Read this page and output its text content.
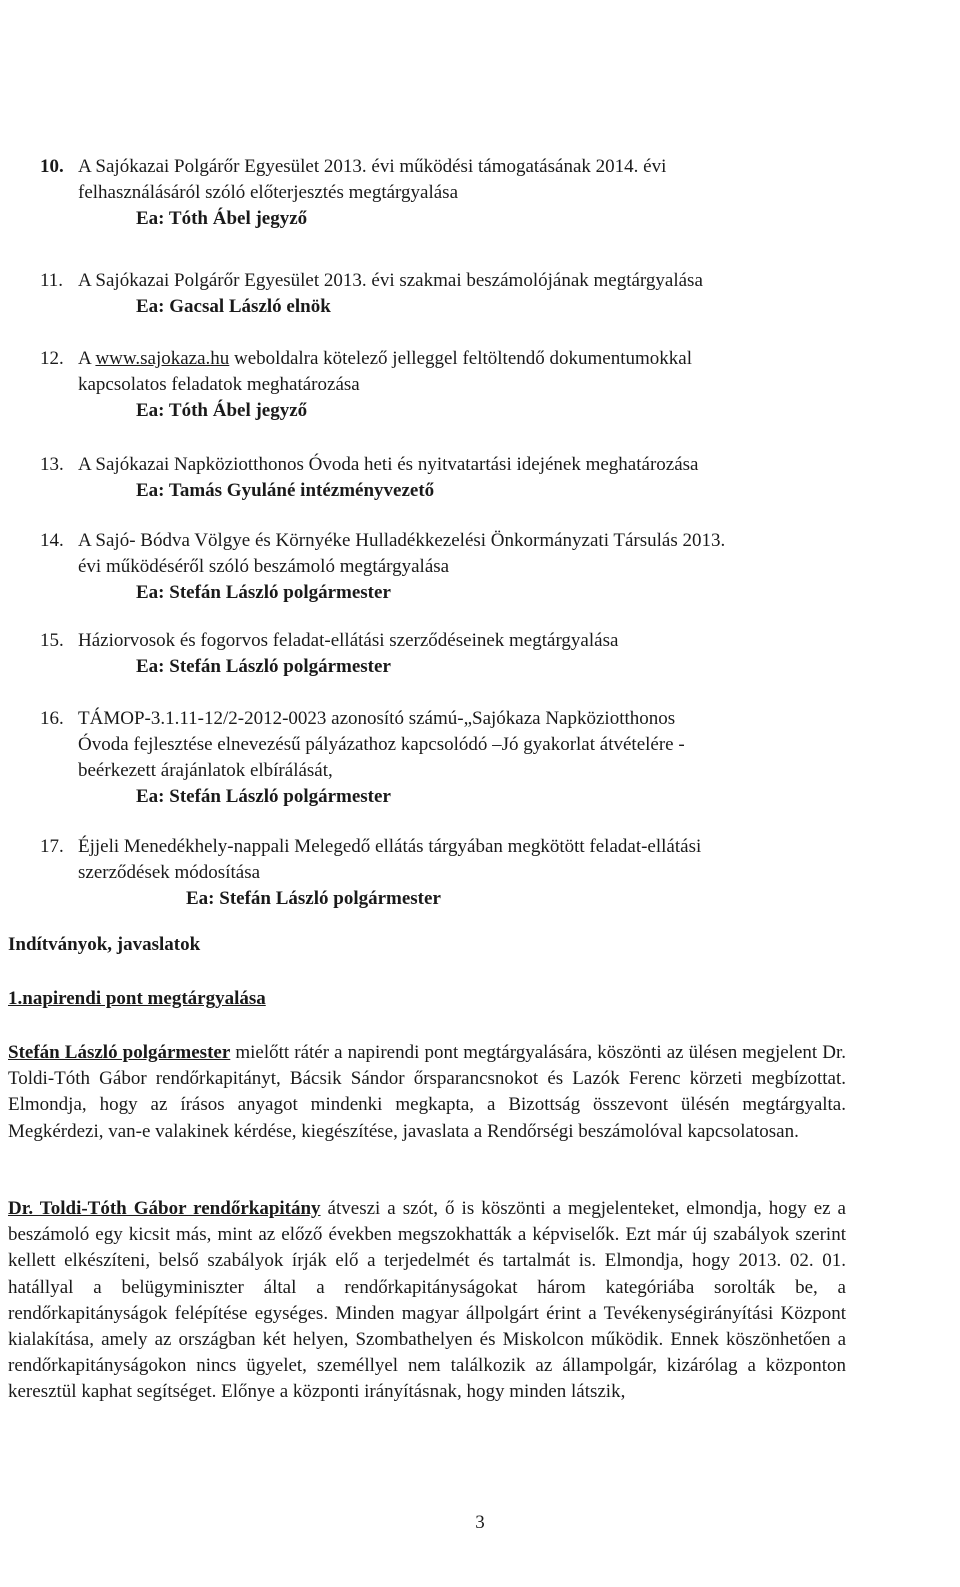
10. A Sajókazai Polgárőr Egyesület 2013. évi működési támogatásának 2014. évi
felhasználásáról szóló előterjesztés megtárgyalása
Ea: Tóth Ábel jegyző
11. A Sajókazai Polgárőr Egyesület 2013. évi szakmai beszámolójának megtárgyalása
Ea: Gacsal László elnök
12. A www.sajokaza.hu weboldalra kötelező jelleggel feltöltendő dokumentumokkal
kapcsolatos feladatok meghatározása
Ea: Tóth Ábel jegyző
13. A Sajókazai Napköziotthonos Óvoda heti és nyitvatartási idejének meghatározása
Ea: Tamás Gyuláné intézményvezető
14. A Sajó- Bódva Völgye és Környéke Hulladékkezelési Önkormányzati Társulás 2013.
évi működéséről szóló beszámoló megtárgyalása
Ea: Stefán László polgármester
15. Háziorvosok és fogorvos feladat-ellátási szerződéseinek megtárgyalása
Ea: Stefán László polgármester
16. TÁMOP-3.1.11-12/2-2012-0023 azonosító számú-„Sajókaza Napköziotthonos
Óvoda fejlesztése elnevezésű pályázathoz kapcsolódó –Jó gyakorlat átvételére -
beérkezett árajánlatok elbírálását,
Ea: Stefán László polgármester
17. Éjjeli Menedékhely-nappali Melegedő ellátás tárgyában megkötött feladat-ellátási
szerződések módosítása
Ea: Stefán László polgármester
Indítványok, javaslatok
1.napirendi pont megtárgyalása
Stefán László polgármester mielőtt rátér a napirendi pont megtárgyalására, köszönti az ülésen megjelent Dr. Toldi-Tóth Gábor rendőrkapitányt, Bácsik Sándor őrsparancsnokot és Lazók Ferenc körzeti megbízottat. Elmondja, hogy az írásos anyagot mindenki megkapta, a Bizottság összevont ülésén megtárgyalta. Megkérdezi, van-e valakinek kérdése, kiegészítése, javaslata a Rendőrségi beszámolóval kapcsolatosan.
Dr. Toldi-Tóth Gábor rendőrkapitány átveszi a szót, ő is köszönti a megjelenteket, elmondja, hogy ez a beszámoló egy kicsit más, mint az előző években megszokhatták a képviselők. Ezt már új szabályok szerint kellett elkészíteni, belső szabályok írják elő a terjedelmét és tartalmát is. Elmondja, hogy 2013. 02. 01. hatállyal a belügyminiszter által a rendőrkapitányságokat három kategóriába sorolták be, a rendőrkapitányságok felépítése egységes. Minden magyar állpolgárt érint a Tevékenységirányítási Központ kialakítása, amely az országban két helyen, Szombathelyen és Miskolcon működik. Ennek köszönhetően a rendőrkapitányságokon nincs ügyelet, személlyel nem találkozik az állampolgár, kizárólag a központon keresztül kaphat segítséget. Előnye a központi irányításnak, hogy minden látszik,
3
